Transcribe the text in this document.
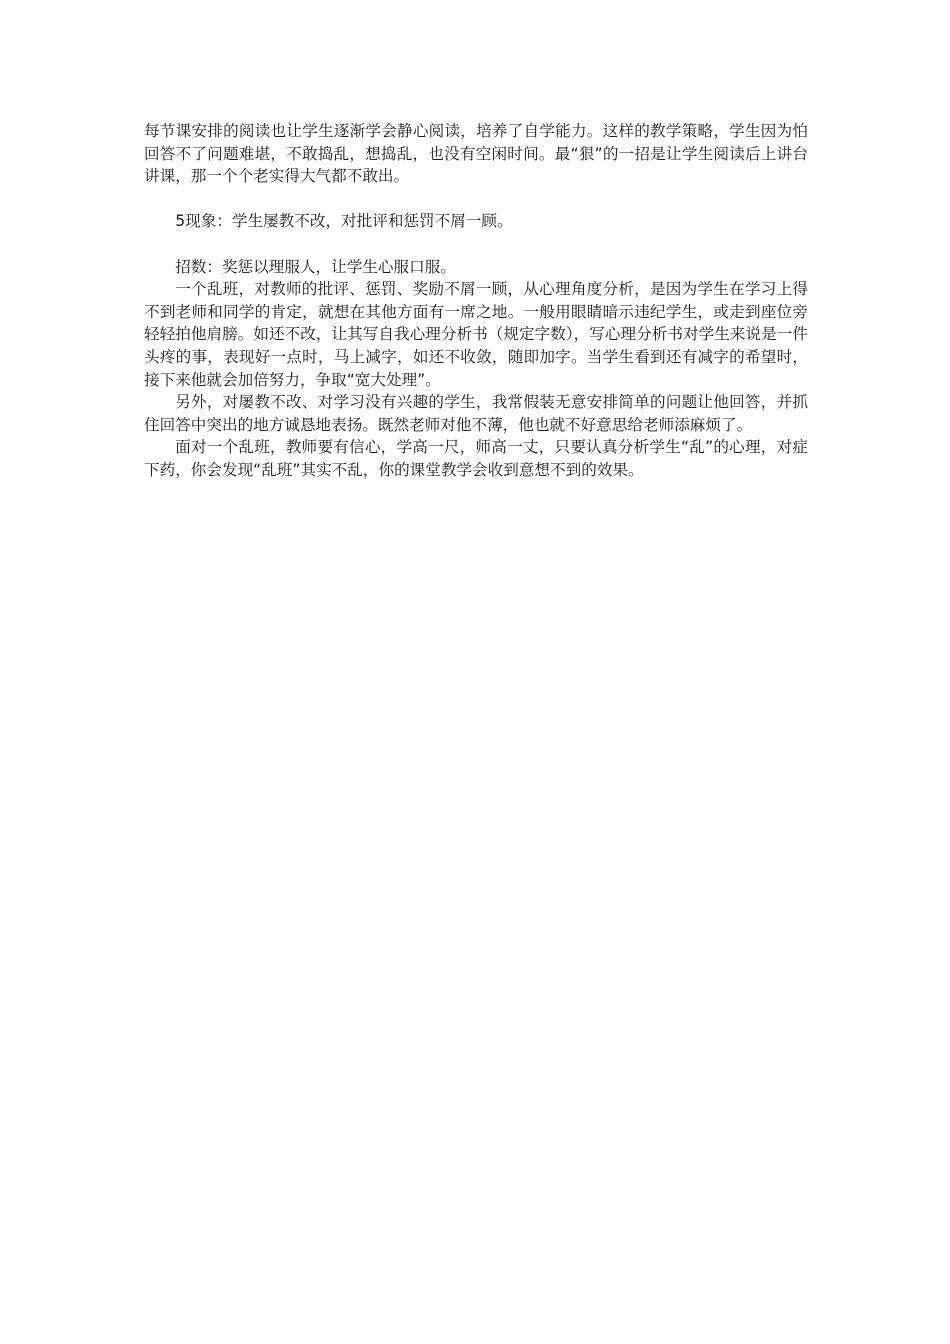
每节课安排的阅读也让学生逐渐学会静心阅读，培养了自学能力。这样的教学策略，学生因为怕回答不了问题难堪，不敢捣乱，想捣乱，也没有空闲时间。最“狠”的一招是让学生阅读后上讲台讲课，那一个个老实得大气都不敢出。

5现象：学生屡教不改，对批评和惩罚不屑一顾。

招数：奖惩以理服人，让学生心服口服。

一个乱班，对教师的批评、惩罚、奖励不屑一顾，从心理角度分析，是因为学生在学习上得不到老师和同学的肯定，就想在其他方面有一席之地。一般用眼睛暗示违纪学生，或走到座位旁轻轻拍他肩膀。如还不改，让其写自我心理分析书（规定字数），写心理分析书对学生来说是一件头疼的事，表现好一点时，马上减字，如还不收敛，随即加字。当学生看到还有减字的希望时，接下来他就会加倍努力，争取“宽大处理”。

另外，对屡教不改、对学习没有兴趣的学生，我常假装无意安排简单的问题让他回答，并抓住回答中突出的地方诚恳地表扬。既然老师对他不薄，他也就不好意思给老师添麻烦了。

面对一个乱班，教师要有信心，学高一尺，师高一丈，只要认真分析学生“乱”的心理，对症下药，你会发现“乱班”其实不乱，你的课堂教学会收到意想不到的效果。
